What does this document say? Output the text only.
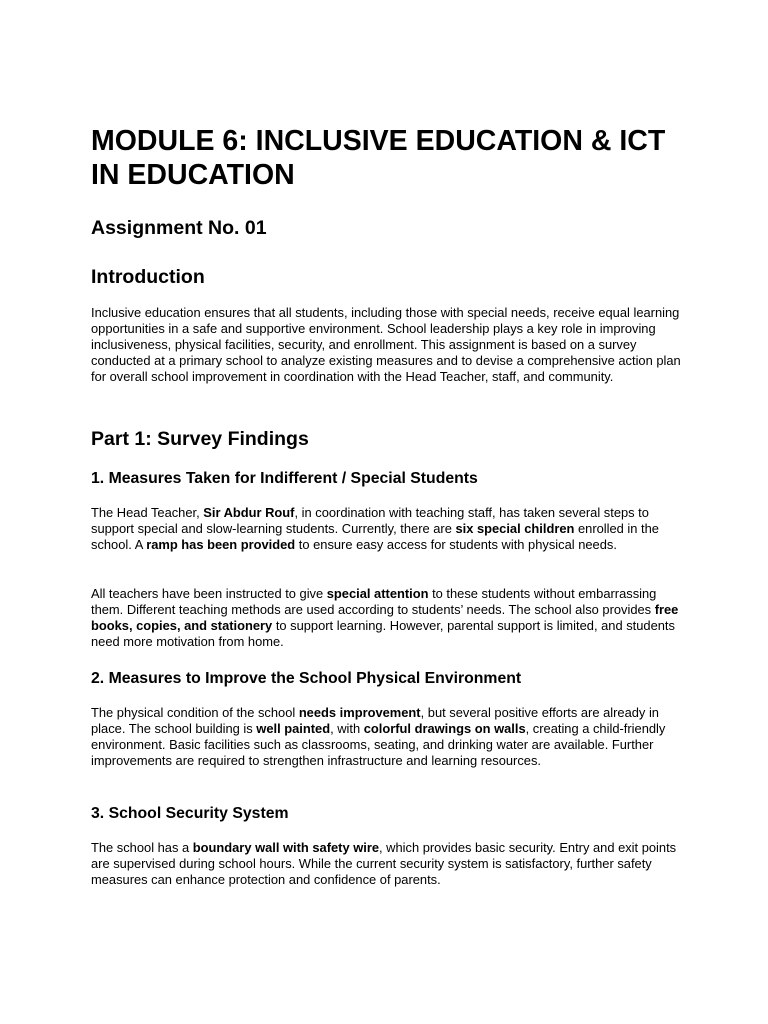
MODULE 6: INCLUSIVE EDUCATION & ICT IN EDUCATION
Assignment No. 01
Introduction

Inclusive education ensures that all students, including those with special needs, receive equal learning opportunities in a safe and supportive environment. School leadership plays a key role in improving inclusiveness, physical facilities, security, and enrollment. This assignment is based on a survey conducted at a primary school to analyze existing measures and to devise a comprehensive action plan for overall school improvement in coordination with the Head Teacher, staff, and community.

Part 1: Survey Findings
1. Measures Taken for Indifferent / Special Students

The Head Teacher, Sir Abdur Rouf, in coordination with teaching staff, has taken several steps to support special and slow-learning students. Currently, there are six special children enrolled in the school. A ramp has been provided to ensure easy access for students with physical needs.

All teachers have been instructed to give special attention to these students without embarrassing them. Different teaching methods are used according to students’ needs. The school also provides free books, copies, and stationery to support learning. However, parental support is limited, and students need more motivation from home.

2. Measures to Improve the School Physical Environment

The physical condition of the school needs improvement, but several positive efforts are already in place. The school building is well painted, with colorful drawings on walls, creating a child-friendly environment. Basic facilities such as classrooms, seating, and drinking water are available. Further improvements are required to strengthen infrastructure and learning resources.

3. School Security System

The school has a boundary wall with safety wire, which provides basic security. Entry and exit points are supervised during school hours. While the current security system is satisfactory, further safety measures can enhance protection and confidence of parents.
